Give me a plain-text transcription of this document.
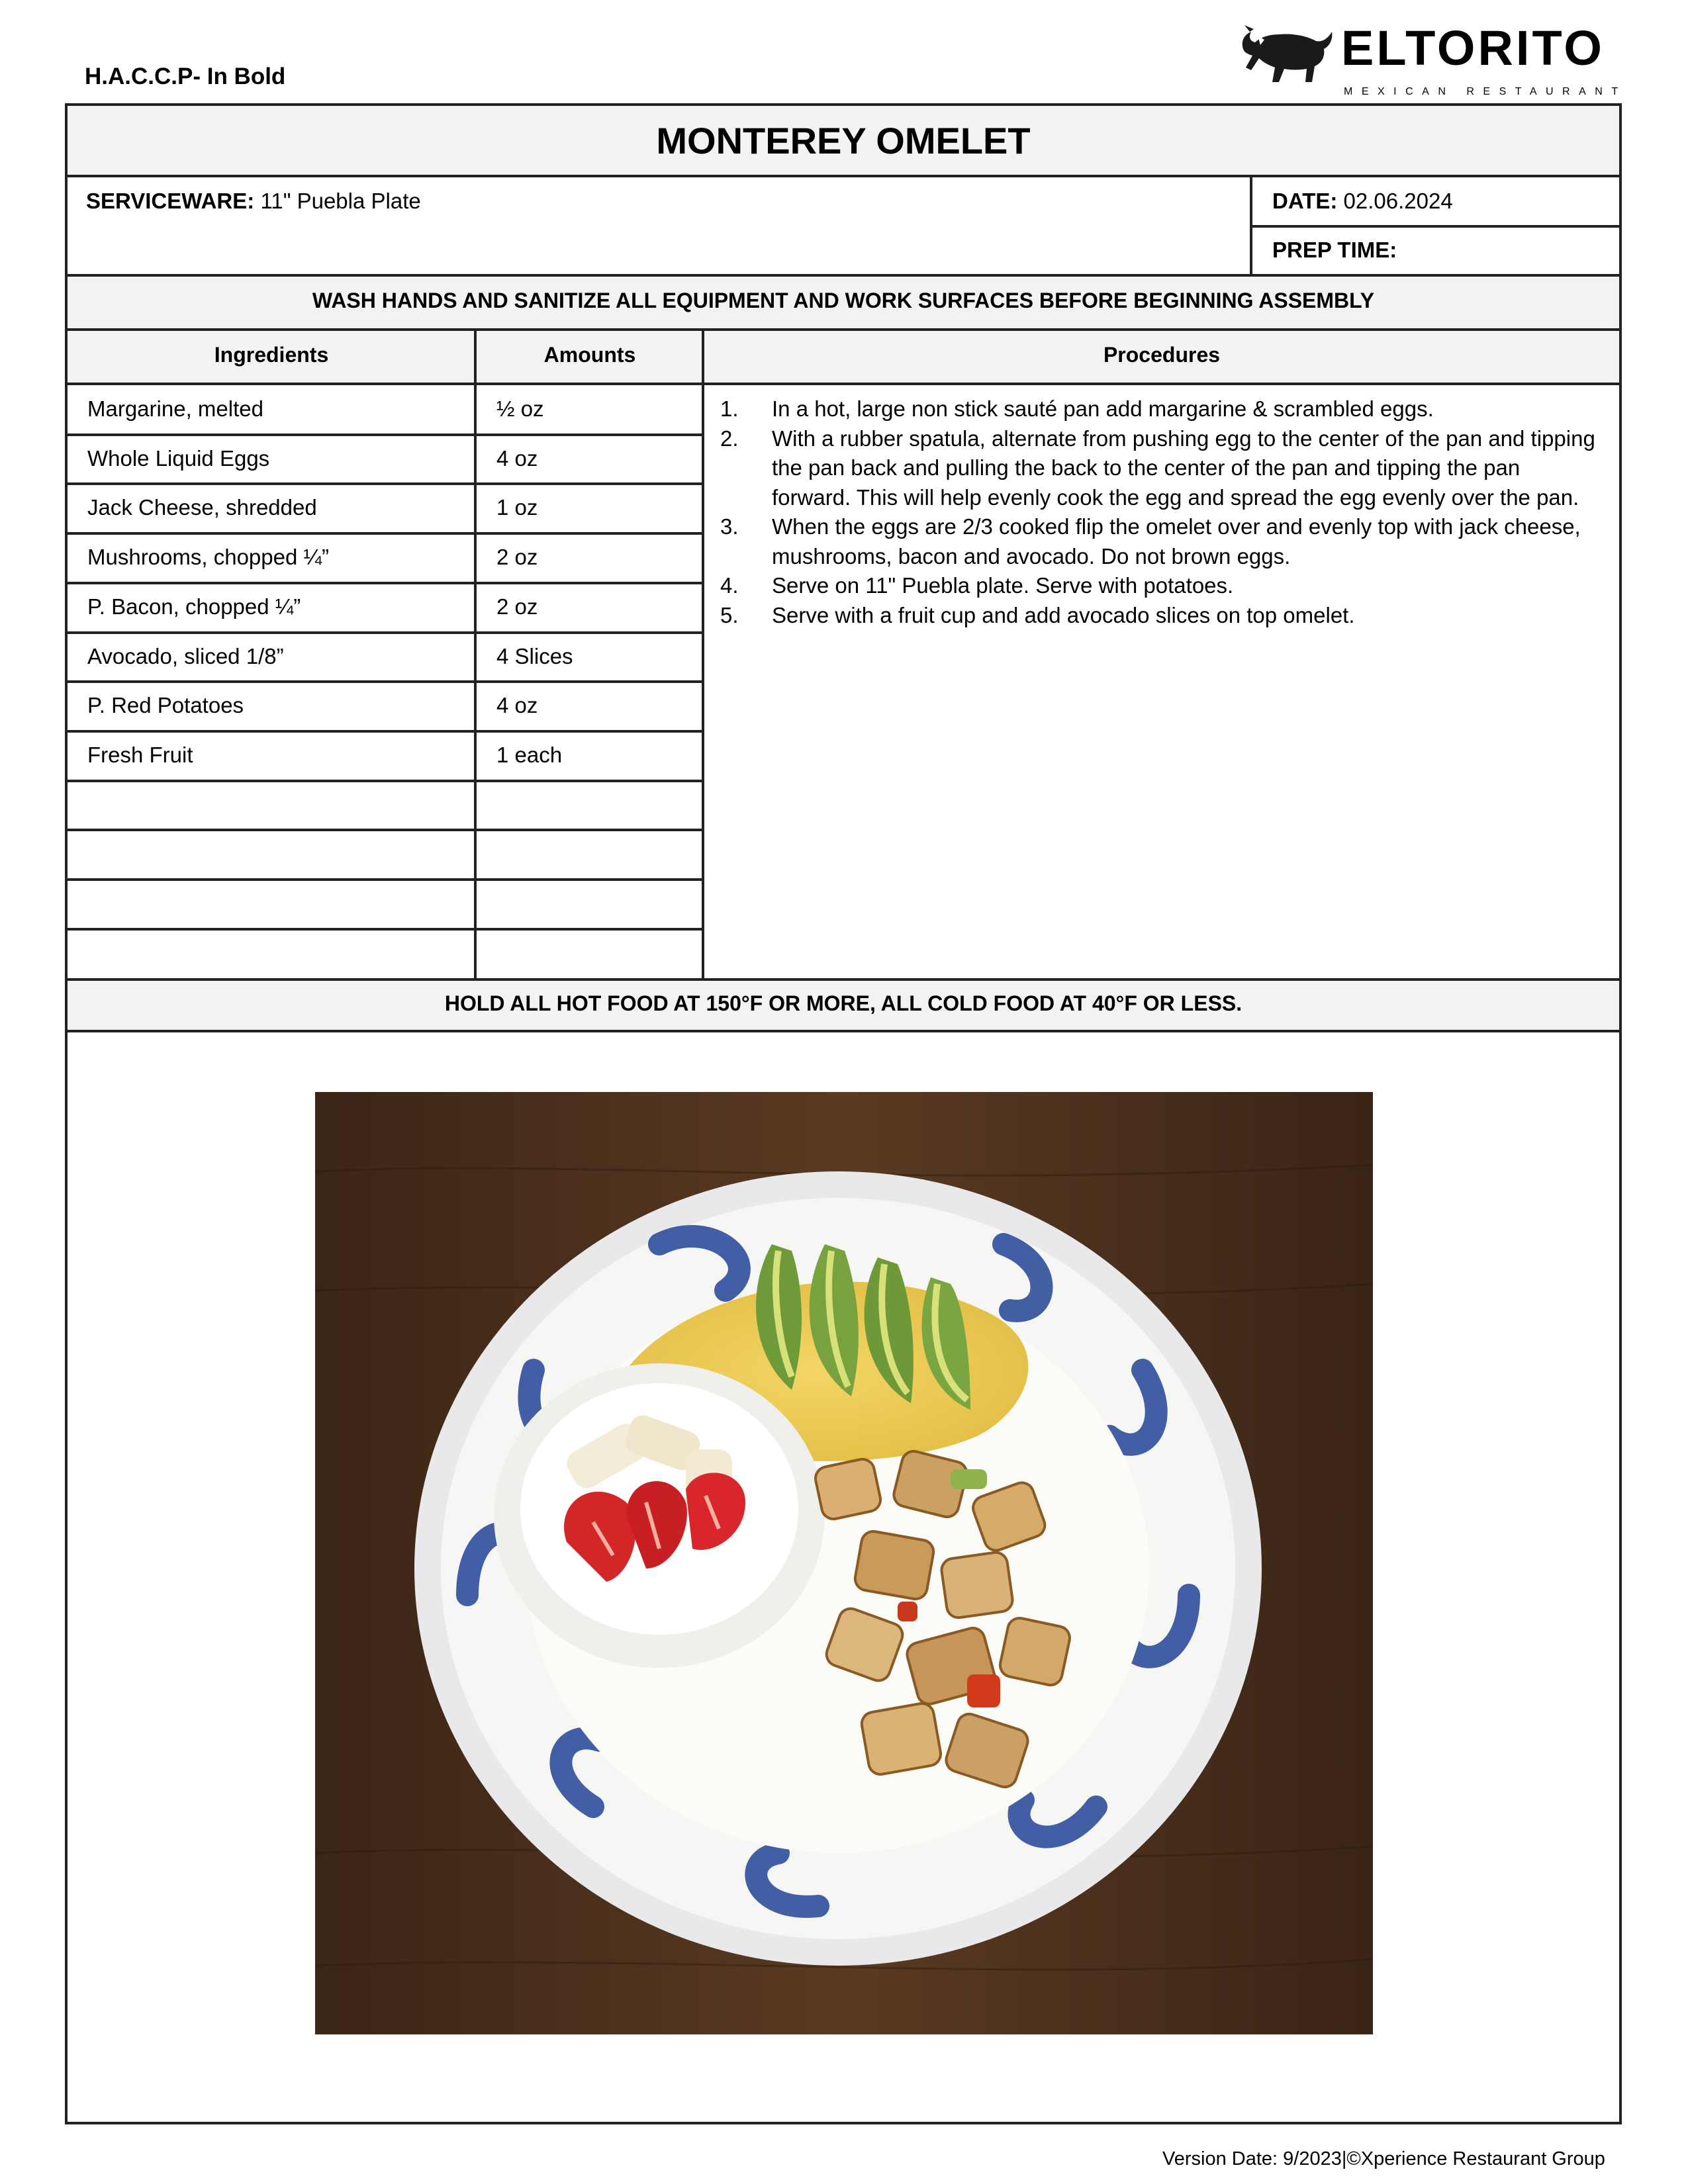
H.A.C.C.P- In Bold
ELTORITO
MEXICAN RESTAURANT
MONTEREY OMELET
SERVICEWARE: 11" Puebla Plate	DATE: 02.06.2024
PREP TIME:
WASH HANDS AND SANITIZE ALL EQUIPMENT AND WORK SURFACES BEFORE BEGINNING ASSEMBLY
Ingredients	Amounts	Procedures
Margarine, melted	½ oz
Whole Liquid Eggs	4 oz
Jack Cheese, shredded	1 oz
Mushrooms, chopped ¼”	2 oz
P. Bacon, chopped ¼”	2 oz
Avocado, sliced 1/8”	4 Slices
P. Red Potatoes	4 oz
Fresh Fruit	1 each
1. In a hot, large non stick sauté pan add margarine & scrambled eggs.
2. With a rubber spatula, alternate from pushing egg to the center of the pan and tipping the pan back and pulling the back to the center of the pan and tipping the pan forward. This will help evenly cook the egg and spread the egg evenly over the pan.
3. When the eggs are 2/3 cooked flip the omelet over and evenly top with jack cheese, mushrooms, bacon and avocado. Do not brown eggs.
4. Serve on 11" Puebla plate. Serve with potatoes.
5. Serve with a fruit cup and add avocado slices on top omelet.
HOLD ALL HOT FOOD AT 150°F OR MORE, ALL COLD FOOD AT 40°F OR LESS.
Version Date: 9/2023|©Xperience Restaurant Group
